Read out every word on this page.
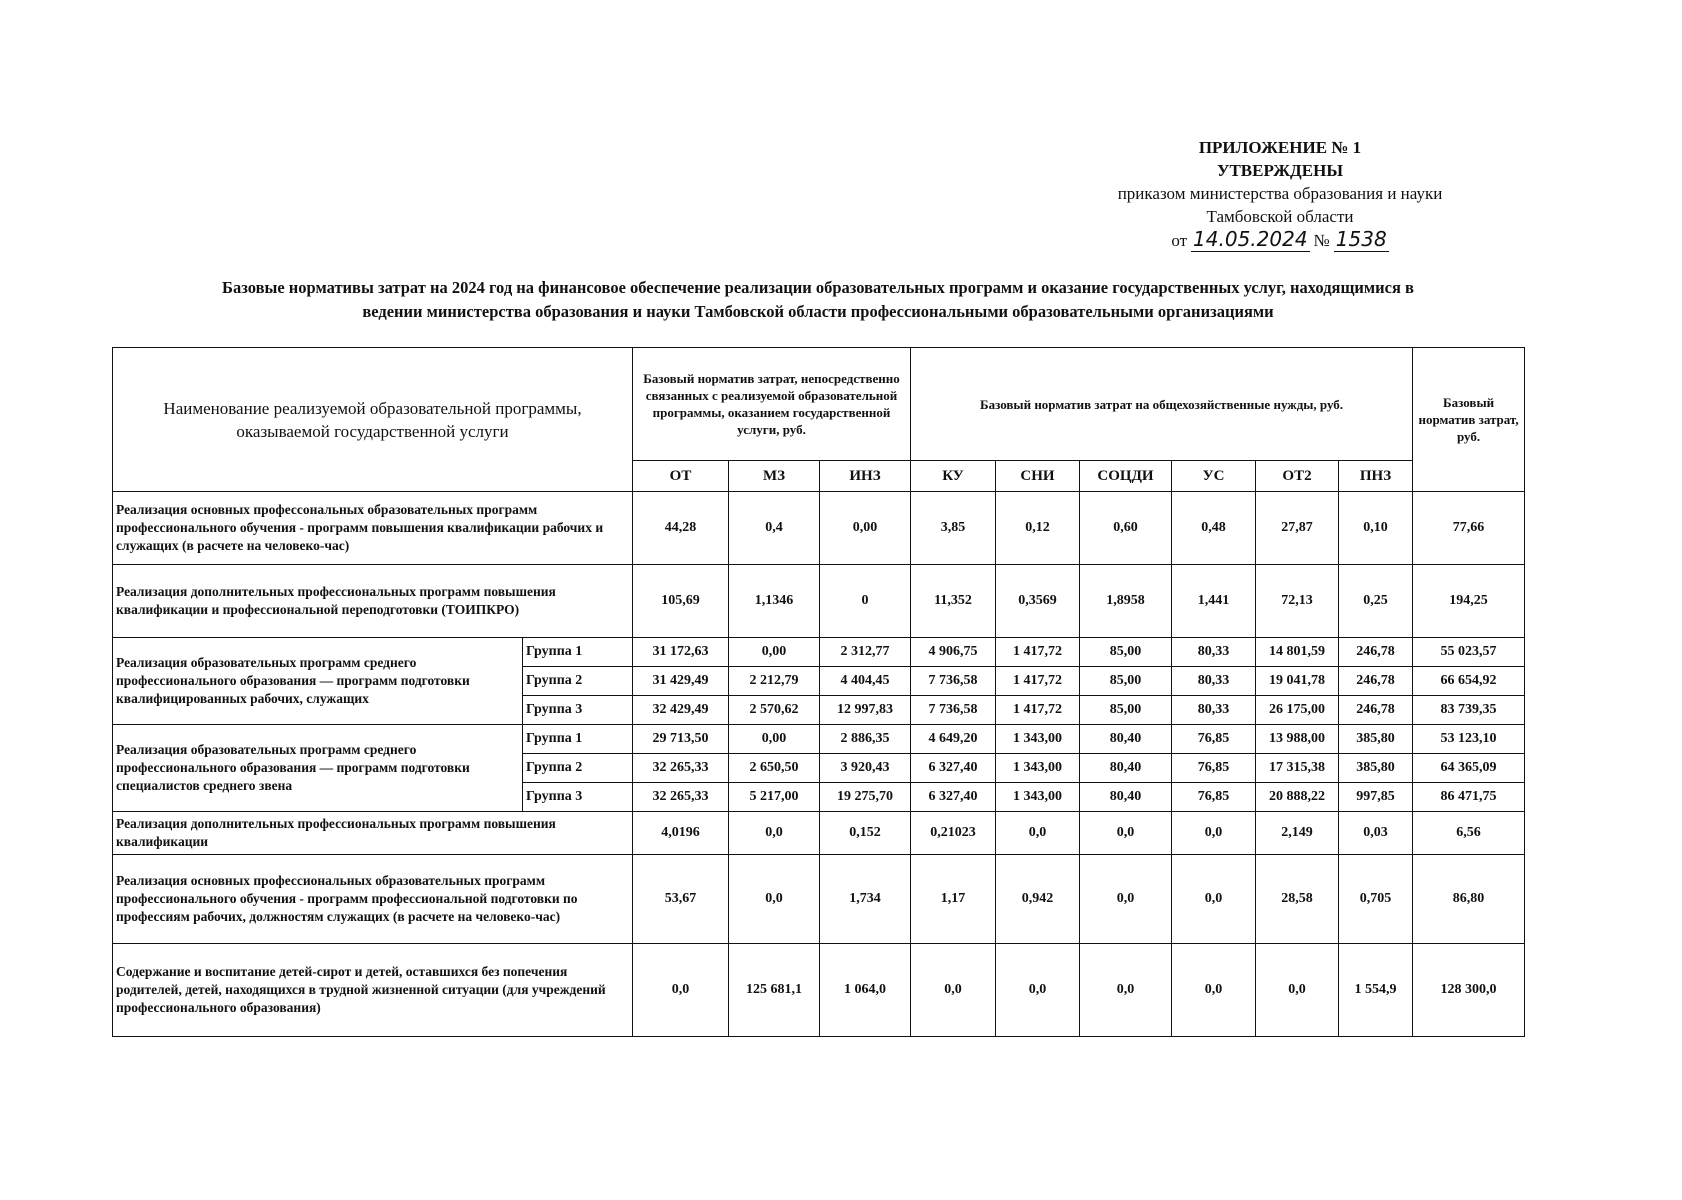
ПРИЛОЖЕНИЕ № 1
УТВЕРЖДЕНЫ
приказом министерства образования и науки
Тамбовской области
от 14.05.2024 № 1538
Базовые нормативы затрат на 2024 год на финансовое обеспечение реализации образовательных программ и оказание государственных услуг, находящимися в
ведении министерства образования и науки Тамбовской области профессиональными образовательными организациями
Наименование реализуемой образовательной программы, оказываемой государственной услуги		Базовый норматив затрат, непосредственно связанных с реализуемой образовательной программы, оказанием государственной услуги, руб.			Базовый норматив затрат на общехозяйственные нужды, руб.						Базовый норматив затрат, руб.
		ОТ	МЗ	ИНЗ	КУ	СНИ	СОЦДИ	УС	ОТ2	ПНЗ	
Реализация основных профессональных образовательных программ профессионального обучения - программ повышения квалификации рабочих и служащих (в расчете на человеко-час)		44,28	0,4	0,00	3,85	0,12	0,60	0,48	27,87	0,10	77,66
Реализация дополнительных профессиональных программ повышения квалификации и профессиональной переподготовки (ТОИПКРО)		105,69	1,1346	0	11,352	0,3569	1,8958	1,441	72,13	0,25	194,25
Реализация образовательных программ среднего профессионального образования — программ подготовки квалифицированных рабочих, служащих	Группа 1	31 172,63	0,00	2 312,77	4 906,75	1 417,72	85,00	80,33	14 801,59	246,78	55 023,57
	Группа 2	31 429,49	2 212,79	4 404,45	7 736,58	1 417,72	85,00	80,33	19 041,78	246,78	66 654,92
	Группа 3	32 429,49	2 570,62	12 997,83	7 736,58	1 417,72	85,00	80,33	26 175,00	246,78	83 739,35
Реализация образовательных программ среднего профессионального образования — программ подготовки специалистов среднего звена	Группа 1	29 713,50	0,00	2 886,35	4 649,20	1 343,00	80,40	76,85	13 988,00	385,80	53 123,10
	Группа 2	32 265,33	2 650,50	3 920,43	6 327,40	1 343,00	80,40	76,85	17 315,38	385,80	64 365,09
	Группа 3	32 265,33	5 217,00	19 275,70	6 327,40	1 343,00	80,40	76,85	20 888,22	997,85	86 471,75
Реализация дополнительных профессиональных программ повышения квалификации		4,0196	0,0	0,152	0,21023	0,0	0,0	0,0	2,149	0,03	6,56
Реализация основных профессиональных образовательных программ профессионального обучения - программ профессиональной подготовки по профессиям рабочих, должностям служащих (в расчете на человеко-час)		53,67	0,0	1,734	1,17	0,942	0,0	0,0	28,58	0,705	86,80
Содержание и воспитание детей-сирот и детей, оставшихся без попечения родителей, детей, находящихся в трудной жизненной ситуации (для учреждений профессионального образования)		0,0	125 681,1	1 064,0	0,0	0,0	0,0	0,0	0,0	1 554,9	128 300,0
